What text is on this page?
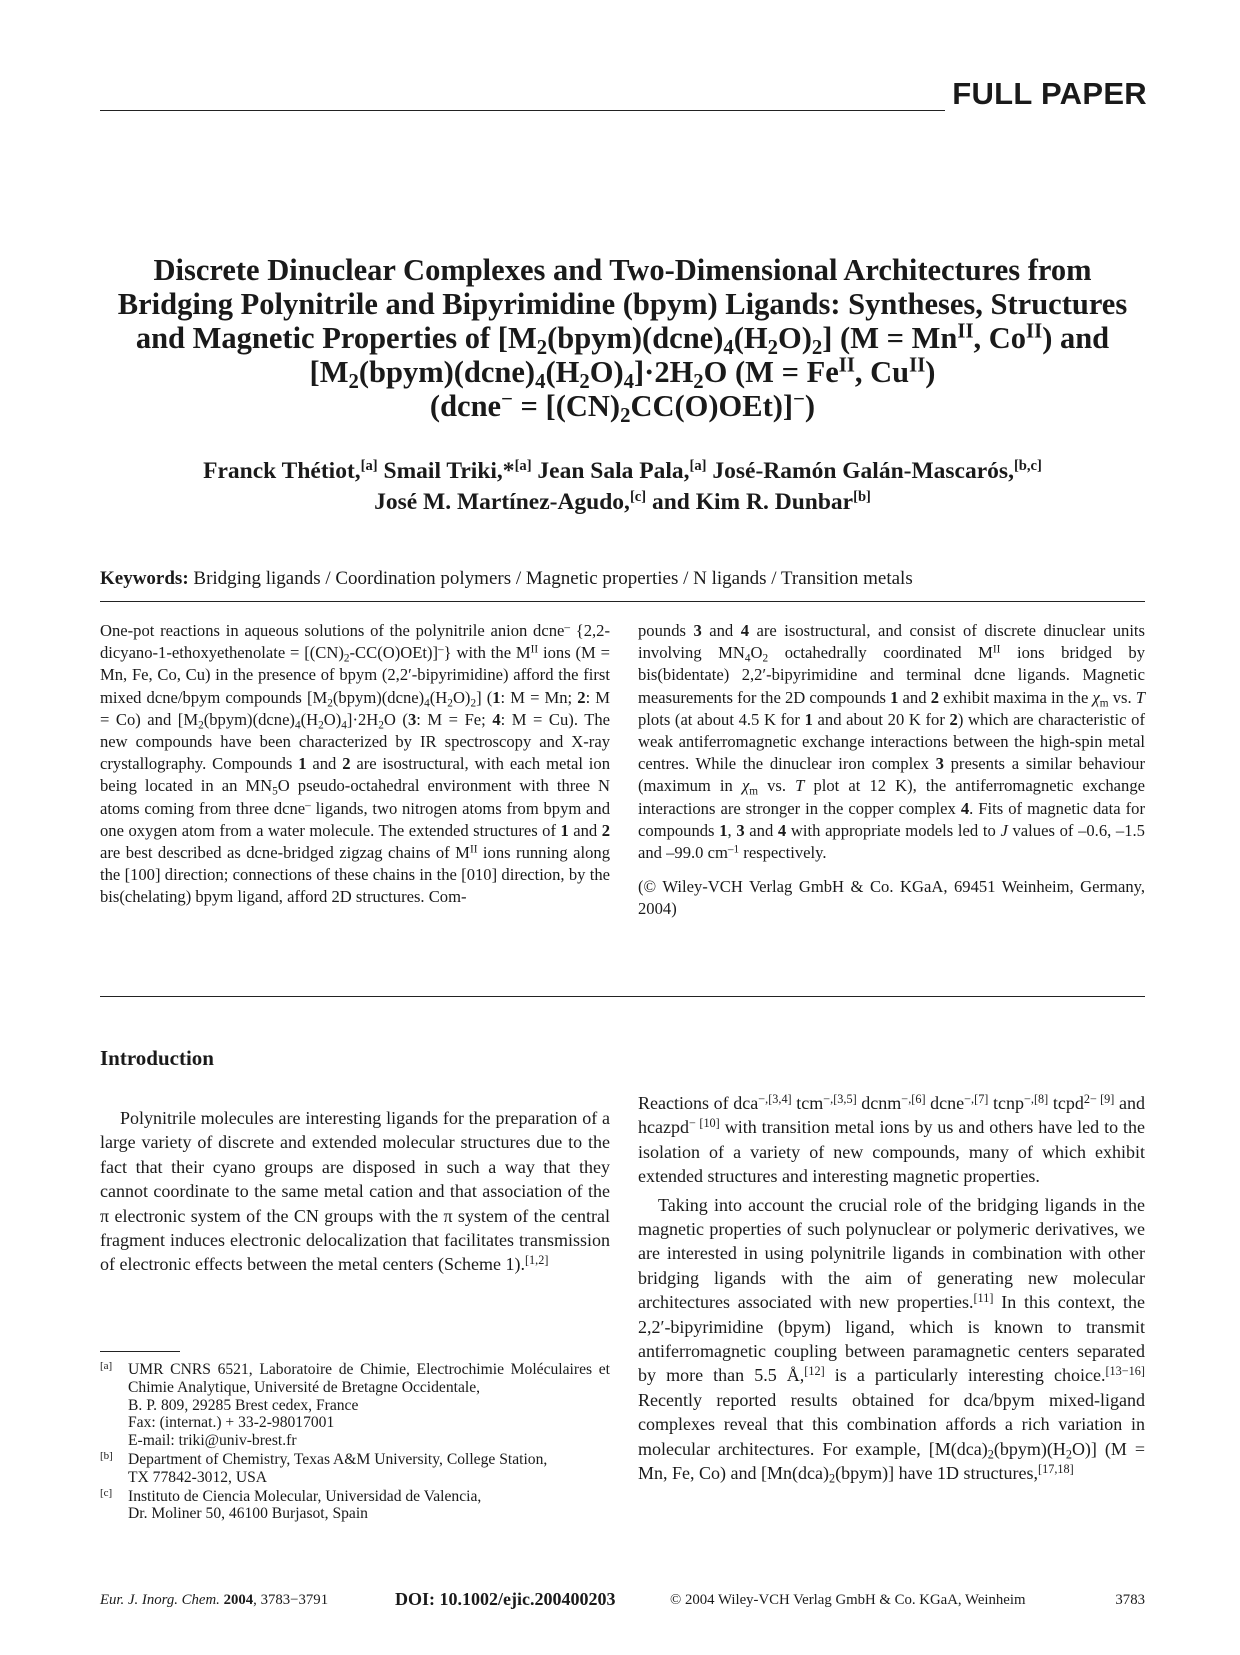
FULL PAPER
Discrete Dinuclear Complexes and Two-Dimensional Architectures from
Bridging Polynitrile and Bipyrimidine (bpym) Ligands: Syntheses, Structures
and Magnetic Properties of $[M_2(bpym)(dcne)_4(H_2O)_2] (M = Mn^{II}$, $Co^{II}$) and
$[M_2(bpym)(dcne)_4(H_2O)_4]\cdot 2H_2O$ ($M = Fe^{II}$, $Cu^{II}$)
(dcne− = $[(CN)_2CC(O)OEt)]^-$)
Franck Thétiot,[a] Smail Triki,*[a] Jean Sala Pala,[a] José-Ramón Galán-Mascarós,[b,c]
José M. Martínez-Agudo,[c] and Kim R. Dunbar[b]
Keywords: Bridging ligands / Coordination polymers / Magnetic properties / N ligands / Transition metals
One-pot reactions in aqueous solutions of the polynitrile anion dcne– {2,2-dicyano-1-ethoxyethenolate = $[(CN)_2-CC(O)OEt)]^-$} with the $M^{II}$ ions (M = Mn, Fe, Co, Cu) in the presence of bpym (2,2′-bipyrimidine) afford the first mixed dcne/bpym compounds $[M_2(bpym)(dcne)_4(H_2O)_2]$ (1: M = Mn; 2: M = Co) and $[M_2(bpym)(dcne)_4(H_2O)_4]\cdot 2H_2O$ (3: M = Fe; 4: M = Cu). The new compounds have been characterized by IR spectroscopy and X-ray crystallography. Compounds 1 and 2 are isostructural, with each metal ion being located in an $MN_5O$ pseudo-octahedral environment with three N atoms coming from three dcne– ligands, two nitrogen atoms from bpym and one oxygen atom from a water molecule. The extended structures of 1 and 2 are best described as dcne-bridged zigzag chains of $M^{II}$ ions running along the [100] direction; connections of these chains in the [010] direction, by the bis(chelating) bpym ligand, afford 2D structures. Com-
pounds 3 and 4 are isostructural, and consist of discrete dinuclear units involving $MN_4O_2$ octahedrally coordinated $M^{II}$ ions bridged by bis(bidentate) 2,2′-bipyrimidine and terminal dcne ligands. Magnetic measurements for the 2D compounds 1 and 2 exhibit maxima in the $\chi_m$ vs. T plots (at about 4.5 K for 1 and about 20 K for 2) which are characteristic of weak antiferromagnetic exchange interactions between the high-spin metal centres. While the dinuclear iron complex 3 presents a similar behaviour (maximum in $\chi_m$ vs. T plot at 12 K), the antiferromagnetic exchange interactions are stronger in the copper complex 4. Fits of magnetic data for compounds 1, 3 and 4 with appropriate models led to J values of –0.6, –1.5 and –99.0 $cm^{-1}$ respectively.
(© Wiley-VCH Verlag GmbH & Co. KGaA, 69451 Weinheim, Germany, 2004)
Introduction

Polynitrile molecules are interesting ligands for the preparation of a large variety of discrete and extended molecular structures due to the fact that their cyano groups are disposed in such a way that they cannot coordinate to the same metal cation and that association of the π electronic system of the CN groups with the π system of the central fragment induces electronic delocalization that facilitates transmission of electronic effects between the metal centers (Scheme 1).[1,2]

Reactions of dca$^{-,[3,4]}$ tcm$^{-,[3,5]}$ dcnm$^{-,[6]}$ dcne$^{-,[7]}$ tcnp$^{-,[8]}$ tcpd$^{2- [9]}$ and hcazpd$^{- [10]}$ with transition metal ions by us and others have led to the isolation of a variety of new compounds, many of which exhibit extended structures and interesting magnetic properties.

Taking into account the crucial role of the bridging ligands in the magnetic properties of such polynuclear or polymeric derivatives, we are interested in using polynitrile ligands in combination with other bridging ligands with the aim of generating new molecular architectures associated with new properties.[11] In this context, the 2,2′-bipyrimidine (bpym) ligand, which is known to transmit antiferromagnetic coupling between paramagnetic centers separated by more than 5.5 Å,[12] is a particularly interesting choice.[13−16] Recently reported results obtained for dca/bpym mixed-ligand complexes reveal that this combination affords a rich variation in molecular architectures. For example, $[M(dca)_2(bpym)(H_2O)] (M = Mn$, Fe, Co) and $[Mn(dca)_2(bpym)]$ have 1D structures,[17,18]

[a] UMR CNRS 6521, Laboratoire de Chimie, Electrochimie Moléculaires et Chimie Analytique, Université de Bretagne Occidentale,
B. P. 809, 29285 Brest cedex, France
Fax: (internat.) + 33-2-98017001
E-mail: triki@univ-brest.fr
[b] Department of Chemistry, Texas A&M University, College Station,
TX 77842-3012, USA
[c] Instituto de Ciencia Molecular, Universidad de Valencia,
Dr. Moliner 50, 46100 Burjasot, Spain
Eur. J. Inorg. Chem. 2004, 3783−3791	DOI: 10.1002/ejic.200400203	© 2004 Wiley-VCH Verlag GmbH & Co. KGaA, Weinheim	3783
